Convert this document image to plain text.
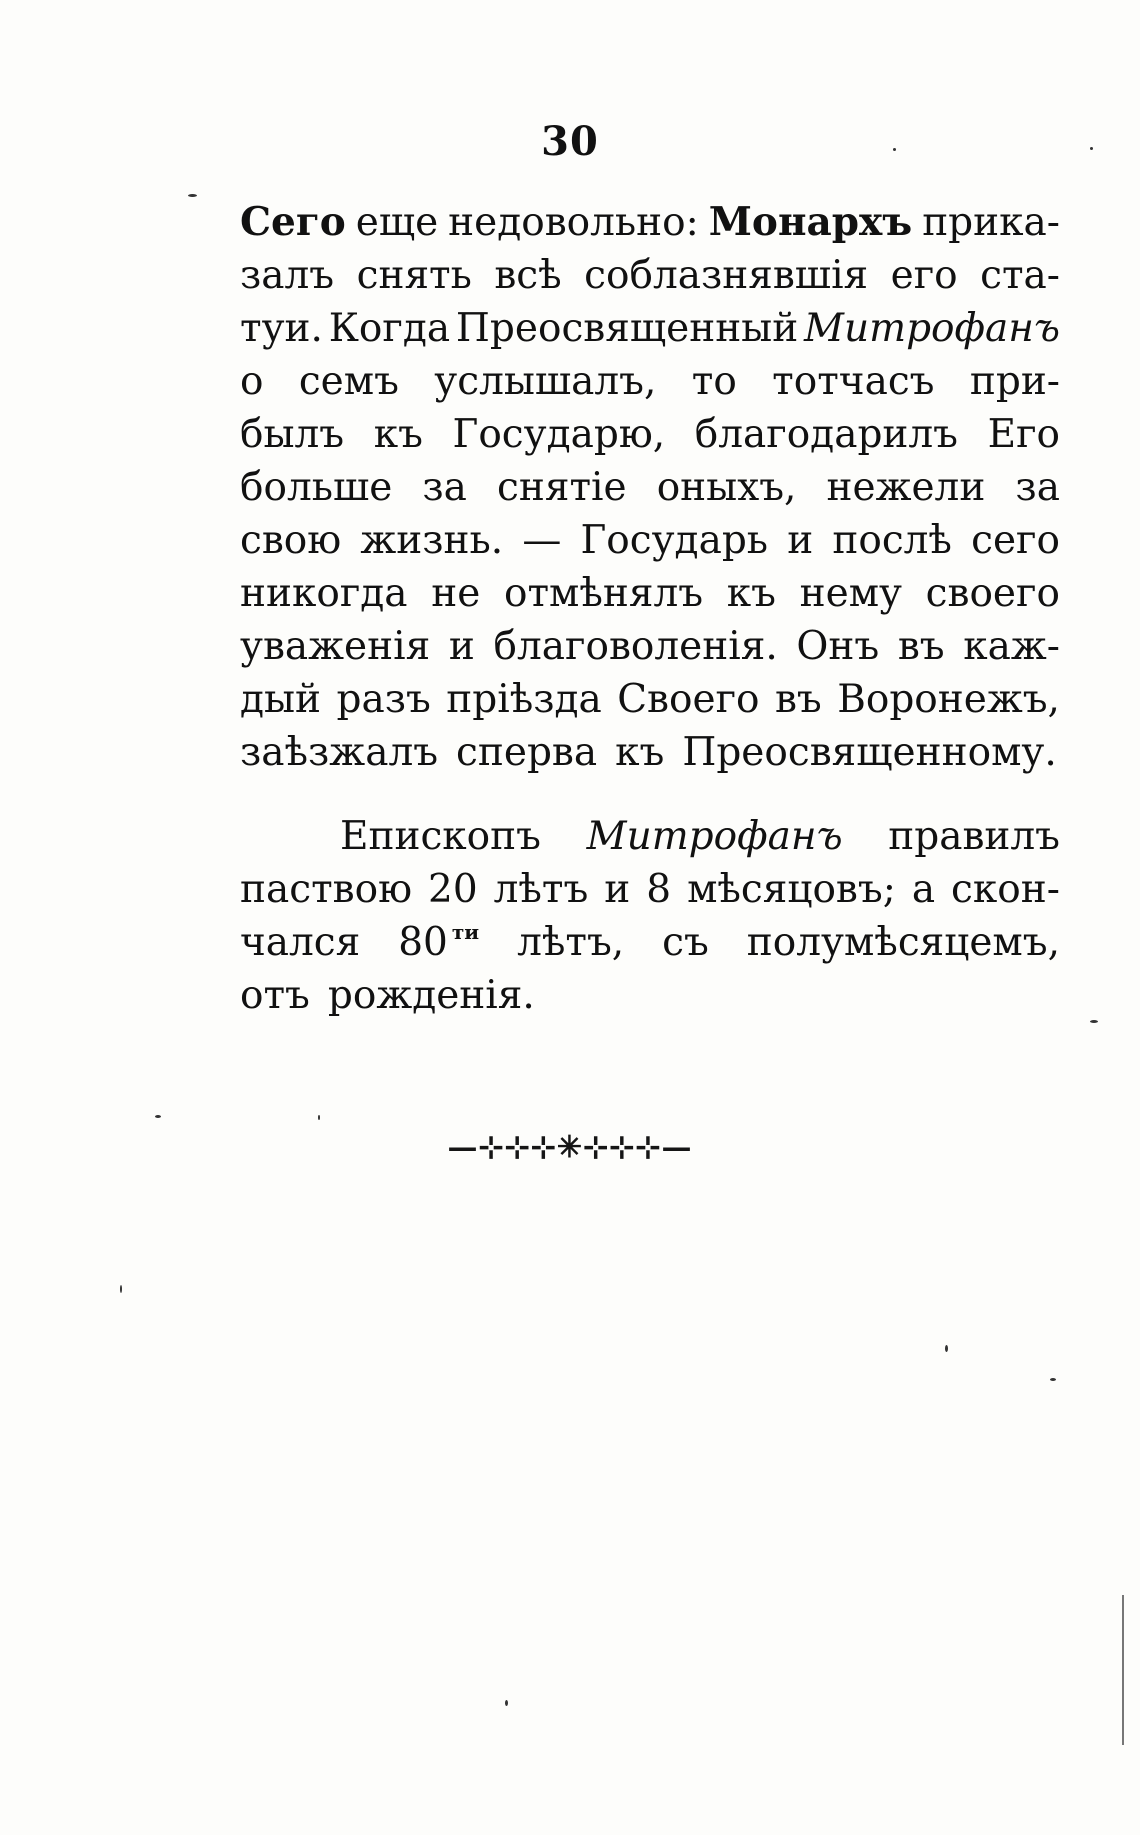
30
Сего еще недовольно: Монархъ прика-
залъ снять всѣ соблазнявшія его ста-
туи. Когда Преосвященный Митрофанъ
о семъ услышалъ, то тотчасъ при-
былъ къ Государю, благодарилъ Его
больше за снятіе оныхъ, нежели за
свою жизнь. — Государь и послѣ сего
никогда не отмѣнялъ къ нему своего
уваженія и благоволенія. Онъ въ каж-
дый разъ пріѣзда Своего въ Воронежъ,
заѣзжалъ сперва къ Преосвященному.
Епископъ Митрофанъ правилъ
паствою 20 лѣтъ и 8 мѣсяцовъ; а скон-
чался 80 $^{ти}$ лѣтъ, съ полумѣсяцемъ,
отъ рожденія.
—⊹⊹⊹✳⊹⊹⊹—
